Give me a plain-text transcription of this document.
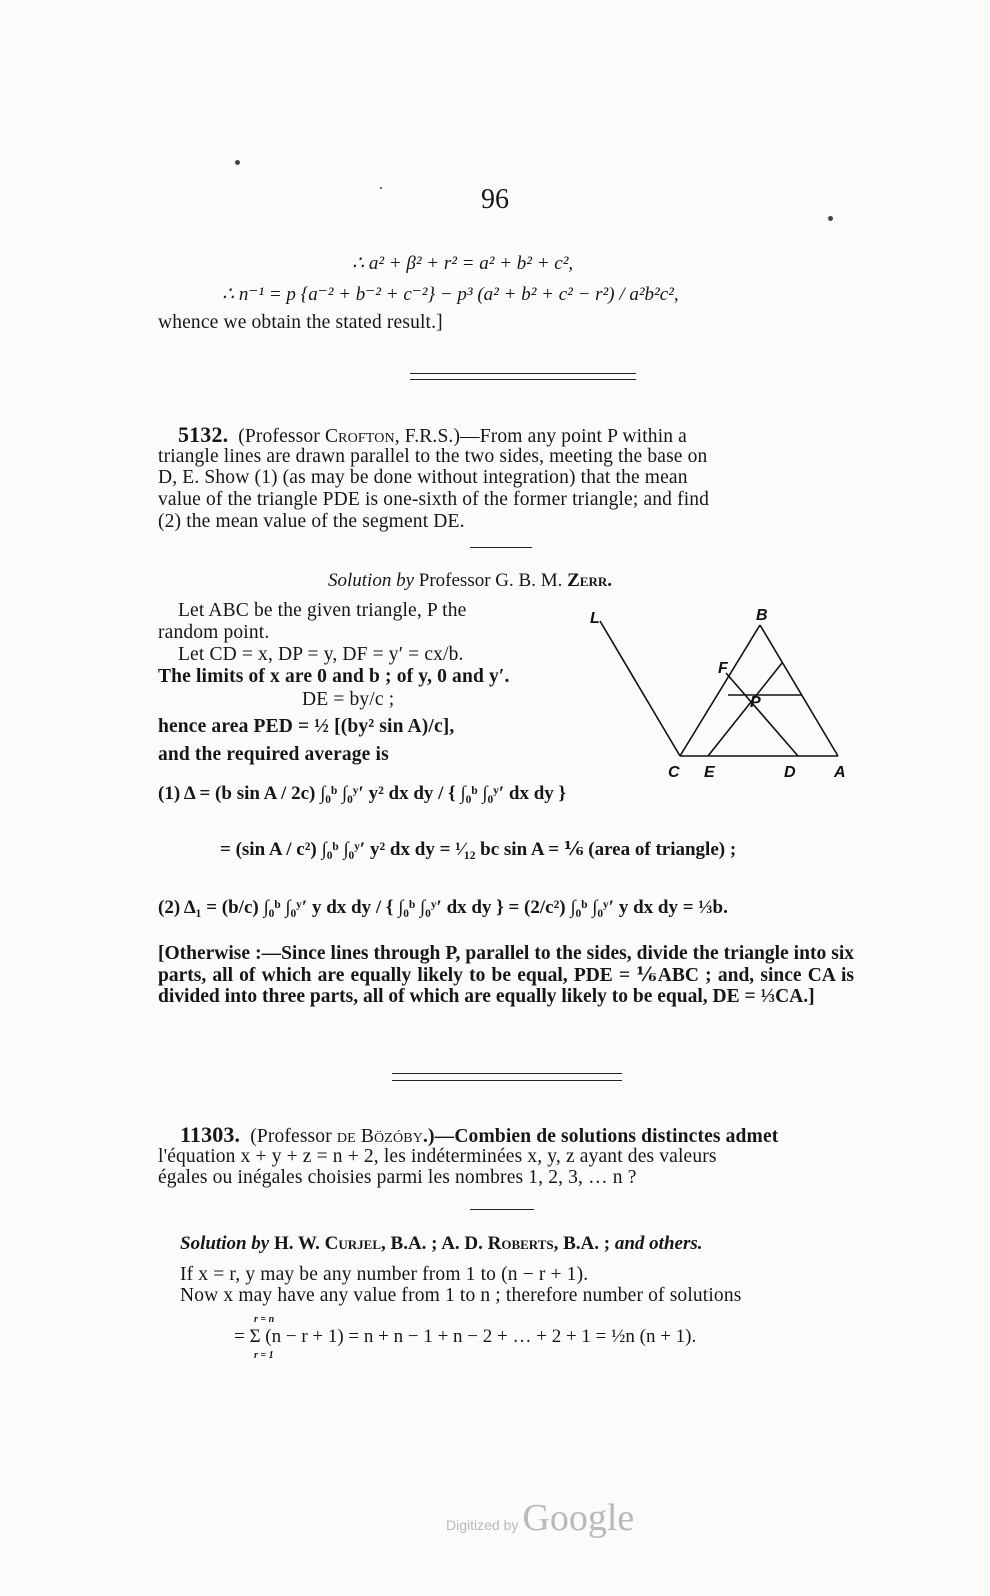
96
∴ a² + β² + r² = a² + b² + c²,
∴ n⁻¹ = p {a⁻² + b⁻² + c⁻²} − p³ (a² + b² + c² − r²) / a²b²c²,
whence we obtain the stated result.]
5132. (Professor Crofton, F.R.S.)—From any point P within a
triangle lines are drawn parallel to the two sides, meeting the base on
D, E. Show (1) (as may be done without integration) that the mean
value of the triangle PDE is one-sixth of the former triangle; and find
(2) the mean value of the segment DE.
Solution by Professor G. B. M. Zerr.
Let ABC be the given triangle, P the
random point.
Let CD = x, DP = y, DF = y′ = cx/b.
The limits of x are 0 and b ; of y, 0 and y′.
DE = by/c ;
hence area PED = ½ [(by² sin A)/c],
and the required average is
L	B
F
P
C E	D A
(1) Δ = (b sin A / 2c) ∫₀ᵇ ∫₀ʸ′ y² dx dy / { ∫₀ᵇ ∫₀ʸ′ dx dy }
= (sin A / c²) ∫₀ᵇ ∫₀ʸ′ y² dx dy = ¹⁄₁₂ bc sin A = ⅙ (area of triangle) ;
(2) Δ₁ = (b/c) ∫₀ᵇ ∫₀ʸ′ y dx dy / { ∫₀ᵇ ∫₀ʸ′ dx dy } = (2/c²) ∫₀ᵇ ∫₀ʸ′ y dx dy = ⅓b.
[Otherwise :—Since lines through P, parallel to the sides, divide the triangle into six parts, all of which are equally likely to be equal, PDE = ⅙ABC ; and, since CA is divided into three parts, all of which are equally likely to be equal, DE = ⅓CA.]
11303. (Professor de Bözóby.)—Combien de solutions distinctes admet
l'équation x + y + z = n + 2, les indéterminées x, y, z ayant des valeurs
égales ou inégales choisies parmi les nombres 1, 2, 3, … n ?
Solution by H. W. Curjel, B.A. ; A. D. Roberts, B.A. ; and others.
If x = r, y may be any number from 1 to (n − r + 1).
Now x may have any value from 1 to n ; therefore number of solutions
r = n
= Σ (n − r + 1) = n + n − 1 + n − 2 + … + 2 + 1 = ½n (n + 1).
r = 1
Digitized by Google
